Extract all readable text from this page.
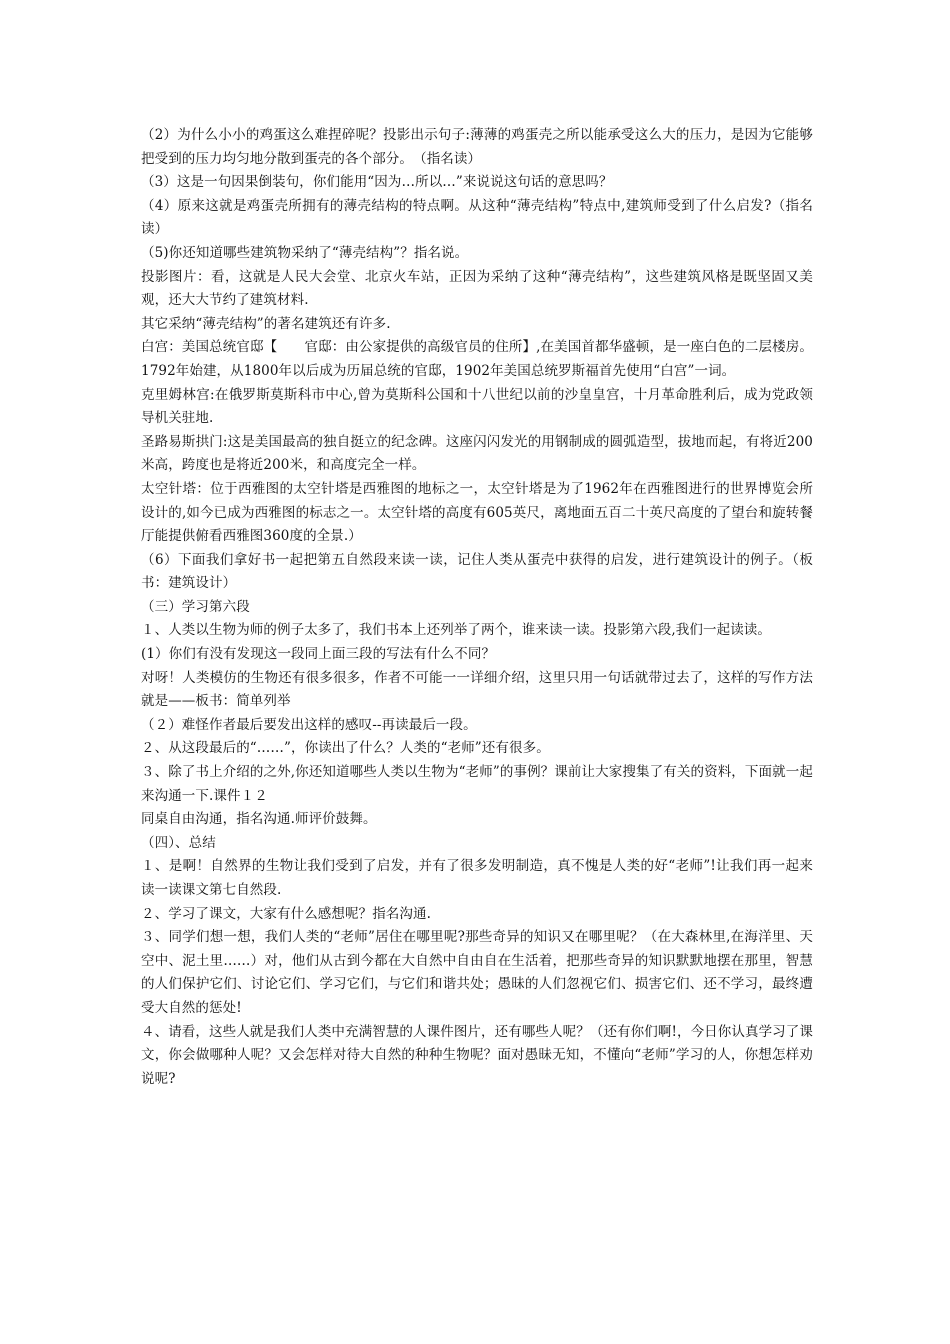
（2）为什么小小的鸡蛋这么难捏碎呢？投影出示句子:薄薄的鸡蛋壳之所以能承受这么大的压力，是因为它能够把受到的压力均匀地分散到蛋壳的各个部分。　（指名读）

（3）这是一句因果倒装句，你们能用“因为…所以…”来说说这句话的意思吗？

（4）原来这就是鸡蛋壳所拥有的薄壳结构的特点啊。从这种“薄壳结构”特点中,建筑师受到了什么启发?（指名读）

（5)你还知道哪些建筑物采纳了“薄壳结构”？指名说。

投影图片：看，这就是人民大会堂、北京火车站，正因为采纳了这种“薄壳结构”，这些建筑风格是既坚固又美观，还大大节约了建筑材料.

其它采纳“薄壳结构”的著名建筑还有许多.

白宫：美国总统官邸【　　官邸：由公家提供的高级官员的住所】,在美国首都华盛顿，是一座白色的二层楼房。1792年始建，从1800年以后成为历届总统的官邸，1902年美国总统罗斯福首先使用“白宫”一词。

克里姆林宫:在俄罗斯莫斯科市中心,曾为莫斯科公国和十八世纪以前的沙皇皇宫，十月革命胜利后，成为党政领导机关驻地.

圣路易斯拱门:这是美国最高的独自挺立的纪念碑。这座闪闪发光的用钢制成的圆弧造型，拔地而起，有将近200米高，跨度也是将近200米，和高度完全一样。

太空针塔：位于西雅图的太空针塔是西雅图的地标之一，太空针塔是为了1962年在西雅图进行的世界博览会所设计的,如今已成为西雅图的标志之一。太空针塔的高度有605英尺，离地面五百二十英尺高度的了望台和旋转餐厅能提供俯看西雅图360度的全景.）

（6）下面我们拿好书一起把第五自然段来读一读，记住人类从蛋壳中获得的启发，进行建筑设计的例子。（板书：建筑设计）

（三）学习第六段

１、人类以生物为师的例子太多了，我们书本上还列举了两个，谁来读一读。投影第六段,我们一起读读。

(1）你们有没有发现这一段同上面三段的写法有什么不同？

对呀！人类模仿的生物还有很多很多，作者不可能一一详细介绍，这里只用一句话就带过去了，这样的写作方法就是——板书：简单列举

（２）难怪作者最后要发出这样的感叹--再读最后一段。

２、从这段最后的“……”，你读出了什么？人类的“老师”还有很多。

３、除了书上介绍的之外,你还知道哪些人类以生物为“老师”的事例？课前让大家搜集了有关的资料，下面就一起来沟通一下.课件１２

同桌自由沟通，指名沟通.师评价鼓舞。

（四）、总结

１、是啊！自然界的生物让我们受到了启发，并有了很多发明制造，真不愧是人类的好“老师”!让我们再一起来读一读课文第七自然段.

２、学习了课文，大家有什么感想呢？指名沟通.

３、同学们想一想，我们人类的“老师”居住在哪里呢?那些奇异的知识又在哪里呢？（在大森林里,在海洋里、天空中、泥土里……）对，他们从古到今都在大自然中自由自在生活着，把那些奇异的知识默默地摆在那里，智慧的人们保护它们、讨论它们、学习它们，与它们和谐共处；愚昧的人们忽视它们、损害它们、还不学习，最终遭受大自然的惩处!

４、请看，这些人就是我们人类中充满智慧的人课件图片，还有哪些人呢？（还有你们啊!，今日你认真学习了课文，你会做哪种人呢？又会怎样对待大自然的种种生物呢？面对愚昧无知，不懂向“老师”学习的人，你想怎样劝说呢?
